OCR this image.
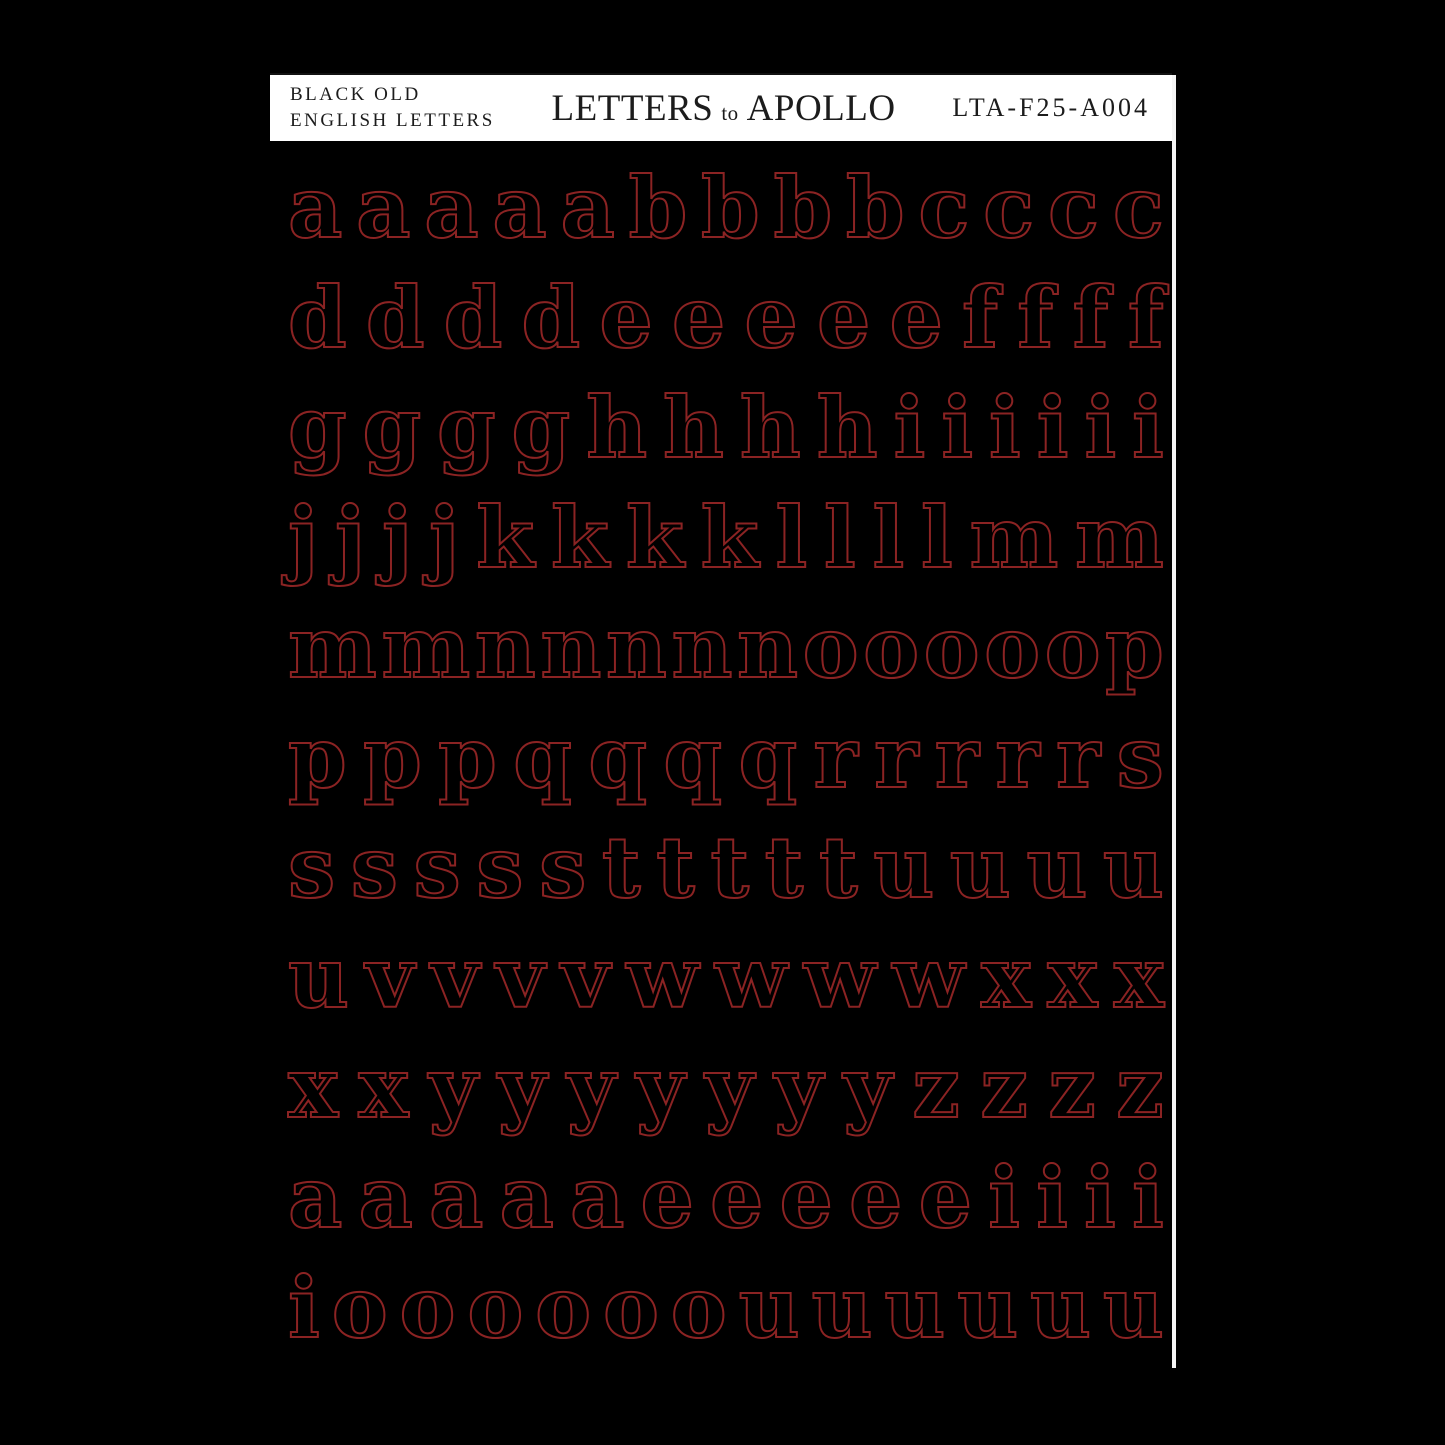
BLACK OLD
ENGLISH LETTERS LETTERS to APOLLO LTA-F25-A004
a a a a a b b b b c c c c
d d d d e e e e e f f f f
g g g g h h h h i i i i i i
j j j j k k k k l l l l m m
m m n n n n n o o o o o p
p p p q q q q r r r r r s
s s s s s t t t t t u u u u
u v v v v w w w w x x x
x x y y y y y y y z z z z
a a a a a e e e e e i i i i
i o o o o o o u u u u u u
